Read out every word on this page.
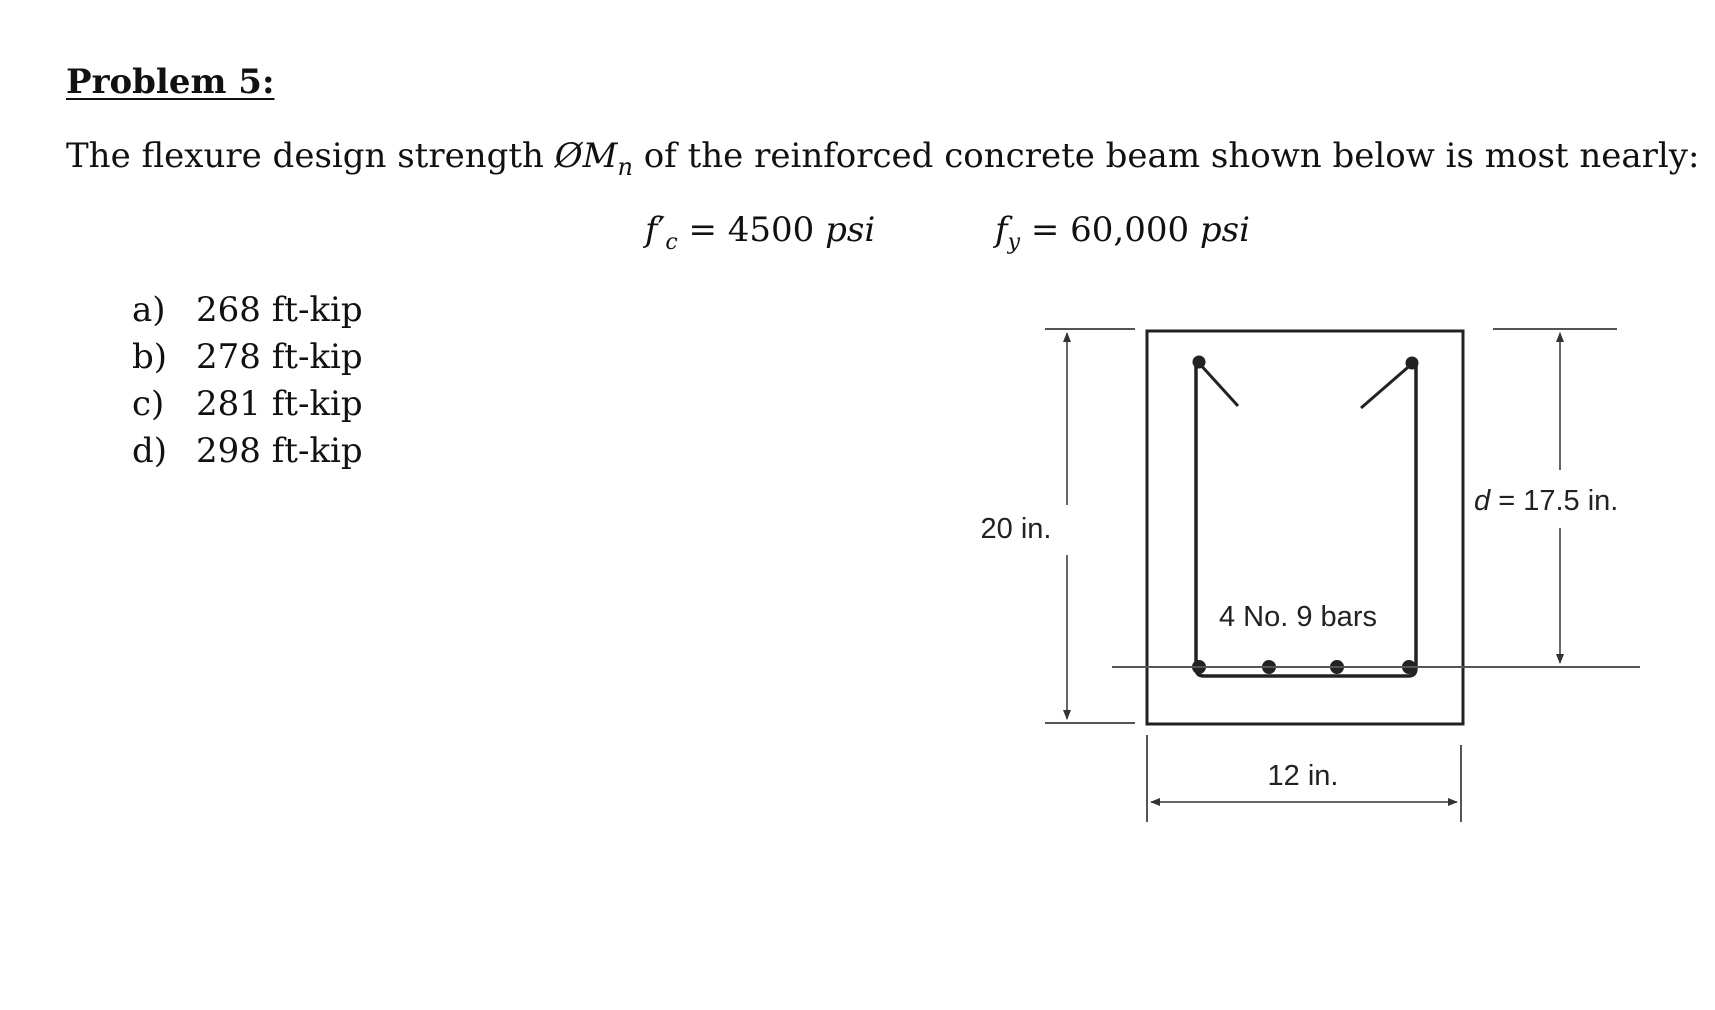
Problem 5:
The flexure design strength $ØM_n$ of the reinforced concrete beam shown below is most nearly:
$f'_c = 4500$ psi	$f_y = 60,000$ psi
a) 268 ft-kip
b) 278 ft-kip
c) 281 ft-kip
d) 298 ft-kip
20 in.
d = 17.5 in.
4 No. 9 bars
12 in.
